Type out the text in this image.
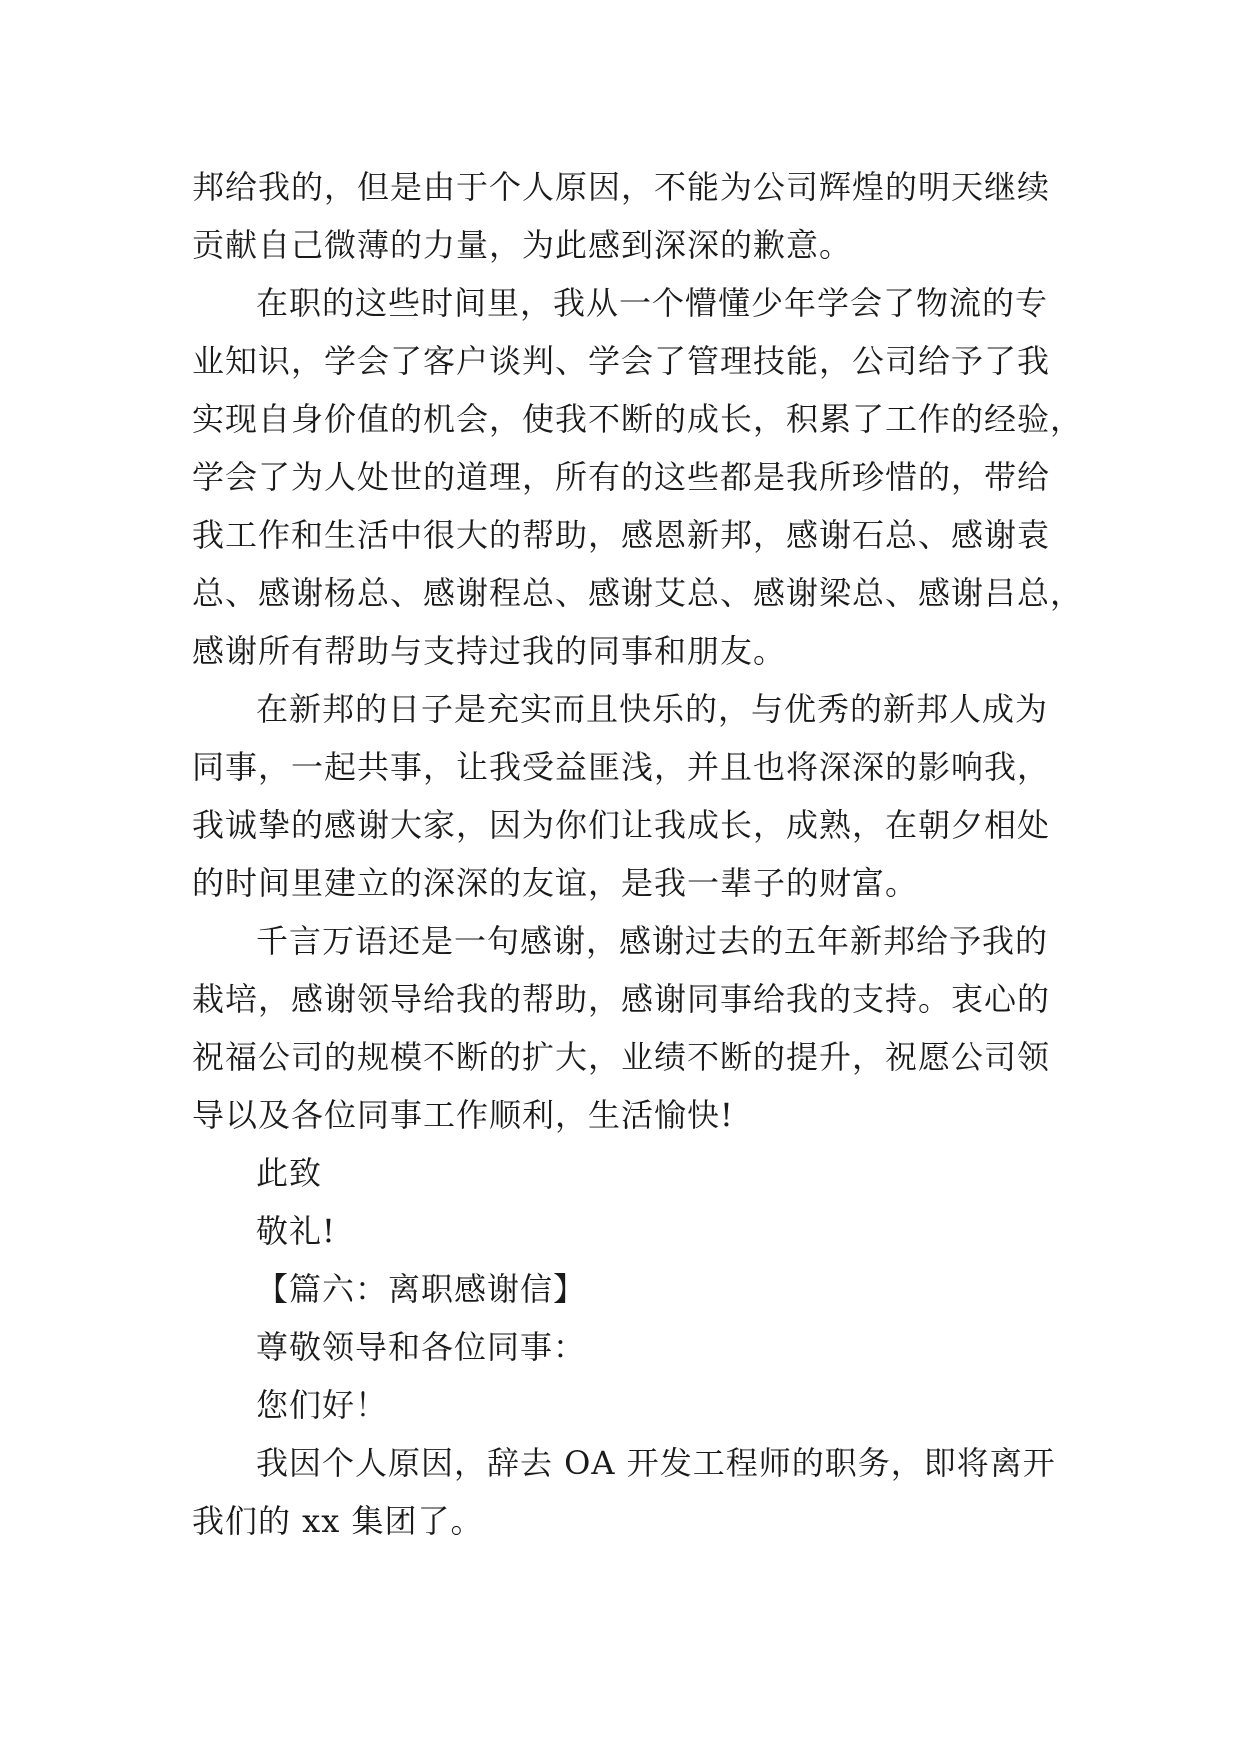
邦给我的，但是由于个人原因，不能为公司辉煌的明天继续
贡献自己微薄的力量，为此感到深深的歉意。
在职的这些时间里，我从一个懵懂少年学会了物流的专
业知识，学会了客户谈判、学会了管理技能，公司给予了我
实现自身价值的机会，使我不断的成长，积累了工作的经验，
学会了为人处世的道理，所有的这些都是我所珍惜的，带给
我工作和生活中很大的帮助，感恩新邦，感谢石总、感谢袁
总、感谢杨总、感谢程总、感谢艾总、感谢梁总、感谢吕总，
感谢所有帮助与支持过我的同事和朋友。
在新邦的日子是充实而且快乐的，与优秀的新邦人成为
同事，一起共事，让我受益匪浅，并且也将深深的影响我，
我诚挚的感谢大家，因为你们让我成长，成熟，在朝夕相处
的时间里建立的深深的友谊，是我一辈子的财富。
千言万语还是一句感谢，感谢过去的五年新邦给予我的
栽培，感谢领导给我的帮助，感谢同事给我的支持。衷心的
祝福公司的规模不断的扩大，业绩不断的提升，祝愿公司领
导以及各位同事工作顺利，生活愉快!
此致
敬礼!
【篇六：离职感谢信】
尊敬领导和各位同事：
您们好！
我因个人原因，辞去 OA 开发工程师的职务，即将离开
我们的 xx 集团了。
